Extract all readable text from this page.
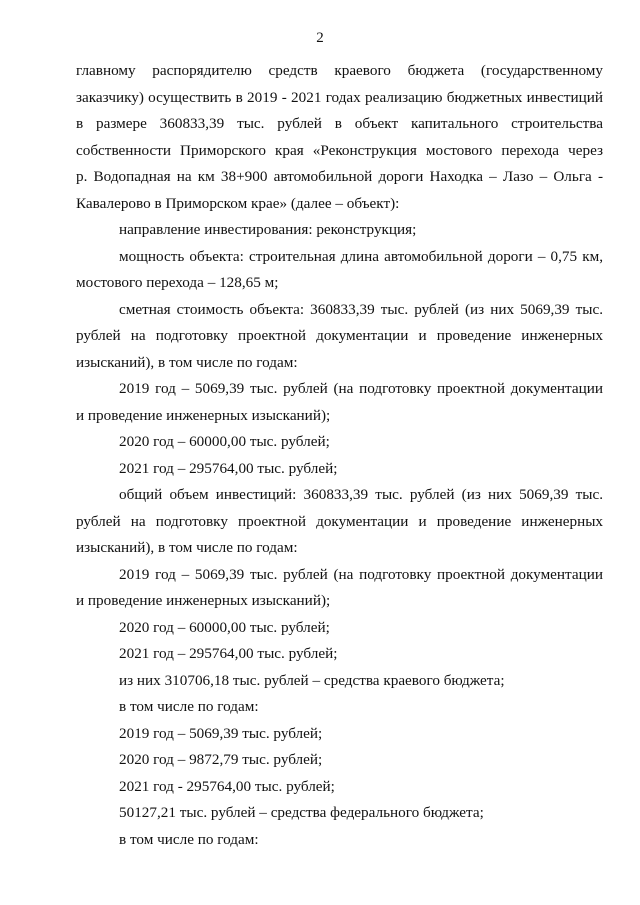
2
главному распорядителю средств краевого бюджета (государственному
заказчику) осуществить в 2019 - 2021 годах реализацию бюджетных инвестиций
в размере 360833,39 тыс. рублей в объект капитального строительства
собственности Приморского края «Реконструкция мостового перехода через
р. Водопадная на км 38+900 автомобильной дороги Находка – Лазо – Ольга -
Кавалерово в Приморском крае» (далее – объект):
направление инвестирования: реконструкция;
мощность объекта: строительная длина автомобильной дороги – 0,75 км,
мостового перехода – 128,65 м;
сметная стоимость объекта: 360833,39 тыс. рублей (из них 5069,39 тыс.
рублей на подготовку проектной документации и проведение инженерных
изысканий), в том числе по годам:
2019 год – 5069,39 тыс. рублей (на подготовку проектной документации
и проведение инженерных изысканий);
2020 год – 60000,00 тыс. рублей;
2021 год – 295764,00 тыс. рублей;
общий объем инвестиций: 360833,39 тыс. рублей (из них 5069,39 тыс.
рублей на подготовку проектной документации и проведение инженерных
изысканий), в том числе по годам:
2019 год – 5069,39 тыс. рублей (на подготовку проектной документации
и проведение инженерных изысканий);
2020 год – 60000,00 тыс. рублей;
2021 год – 295764,00 тыс. рублей;
из них 310706,18 тыс. рублей – средства краевого бюджета;
в том числе по годам:
2019 год – 5069,39 тыс. рублей;
2020 год – 9872,79 тыс. рублей;
2021 год - 295764,00 тыс. рублей;
50127,21 тыс. рублей – средства федерального бюджета;
в том числе по годам:
